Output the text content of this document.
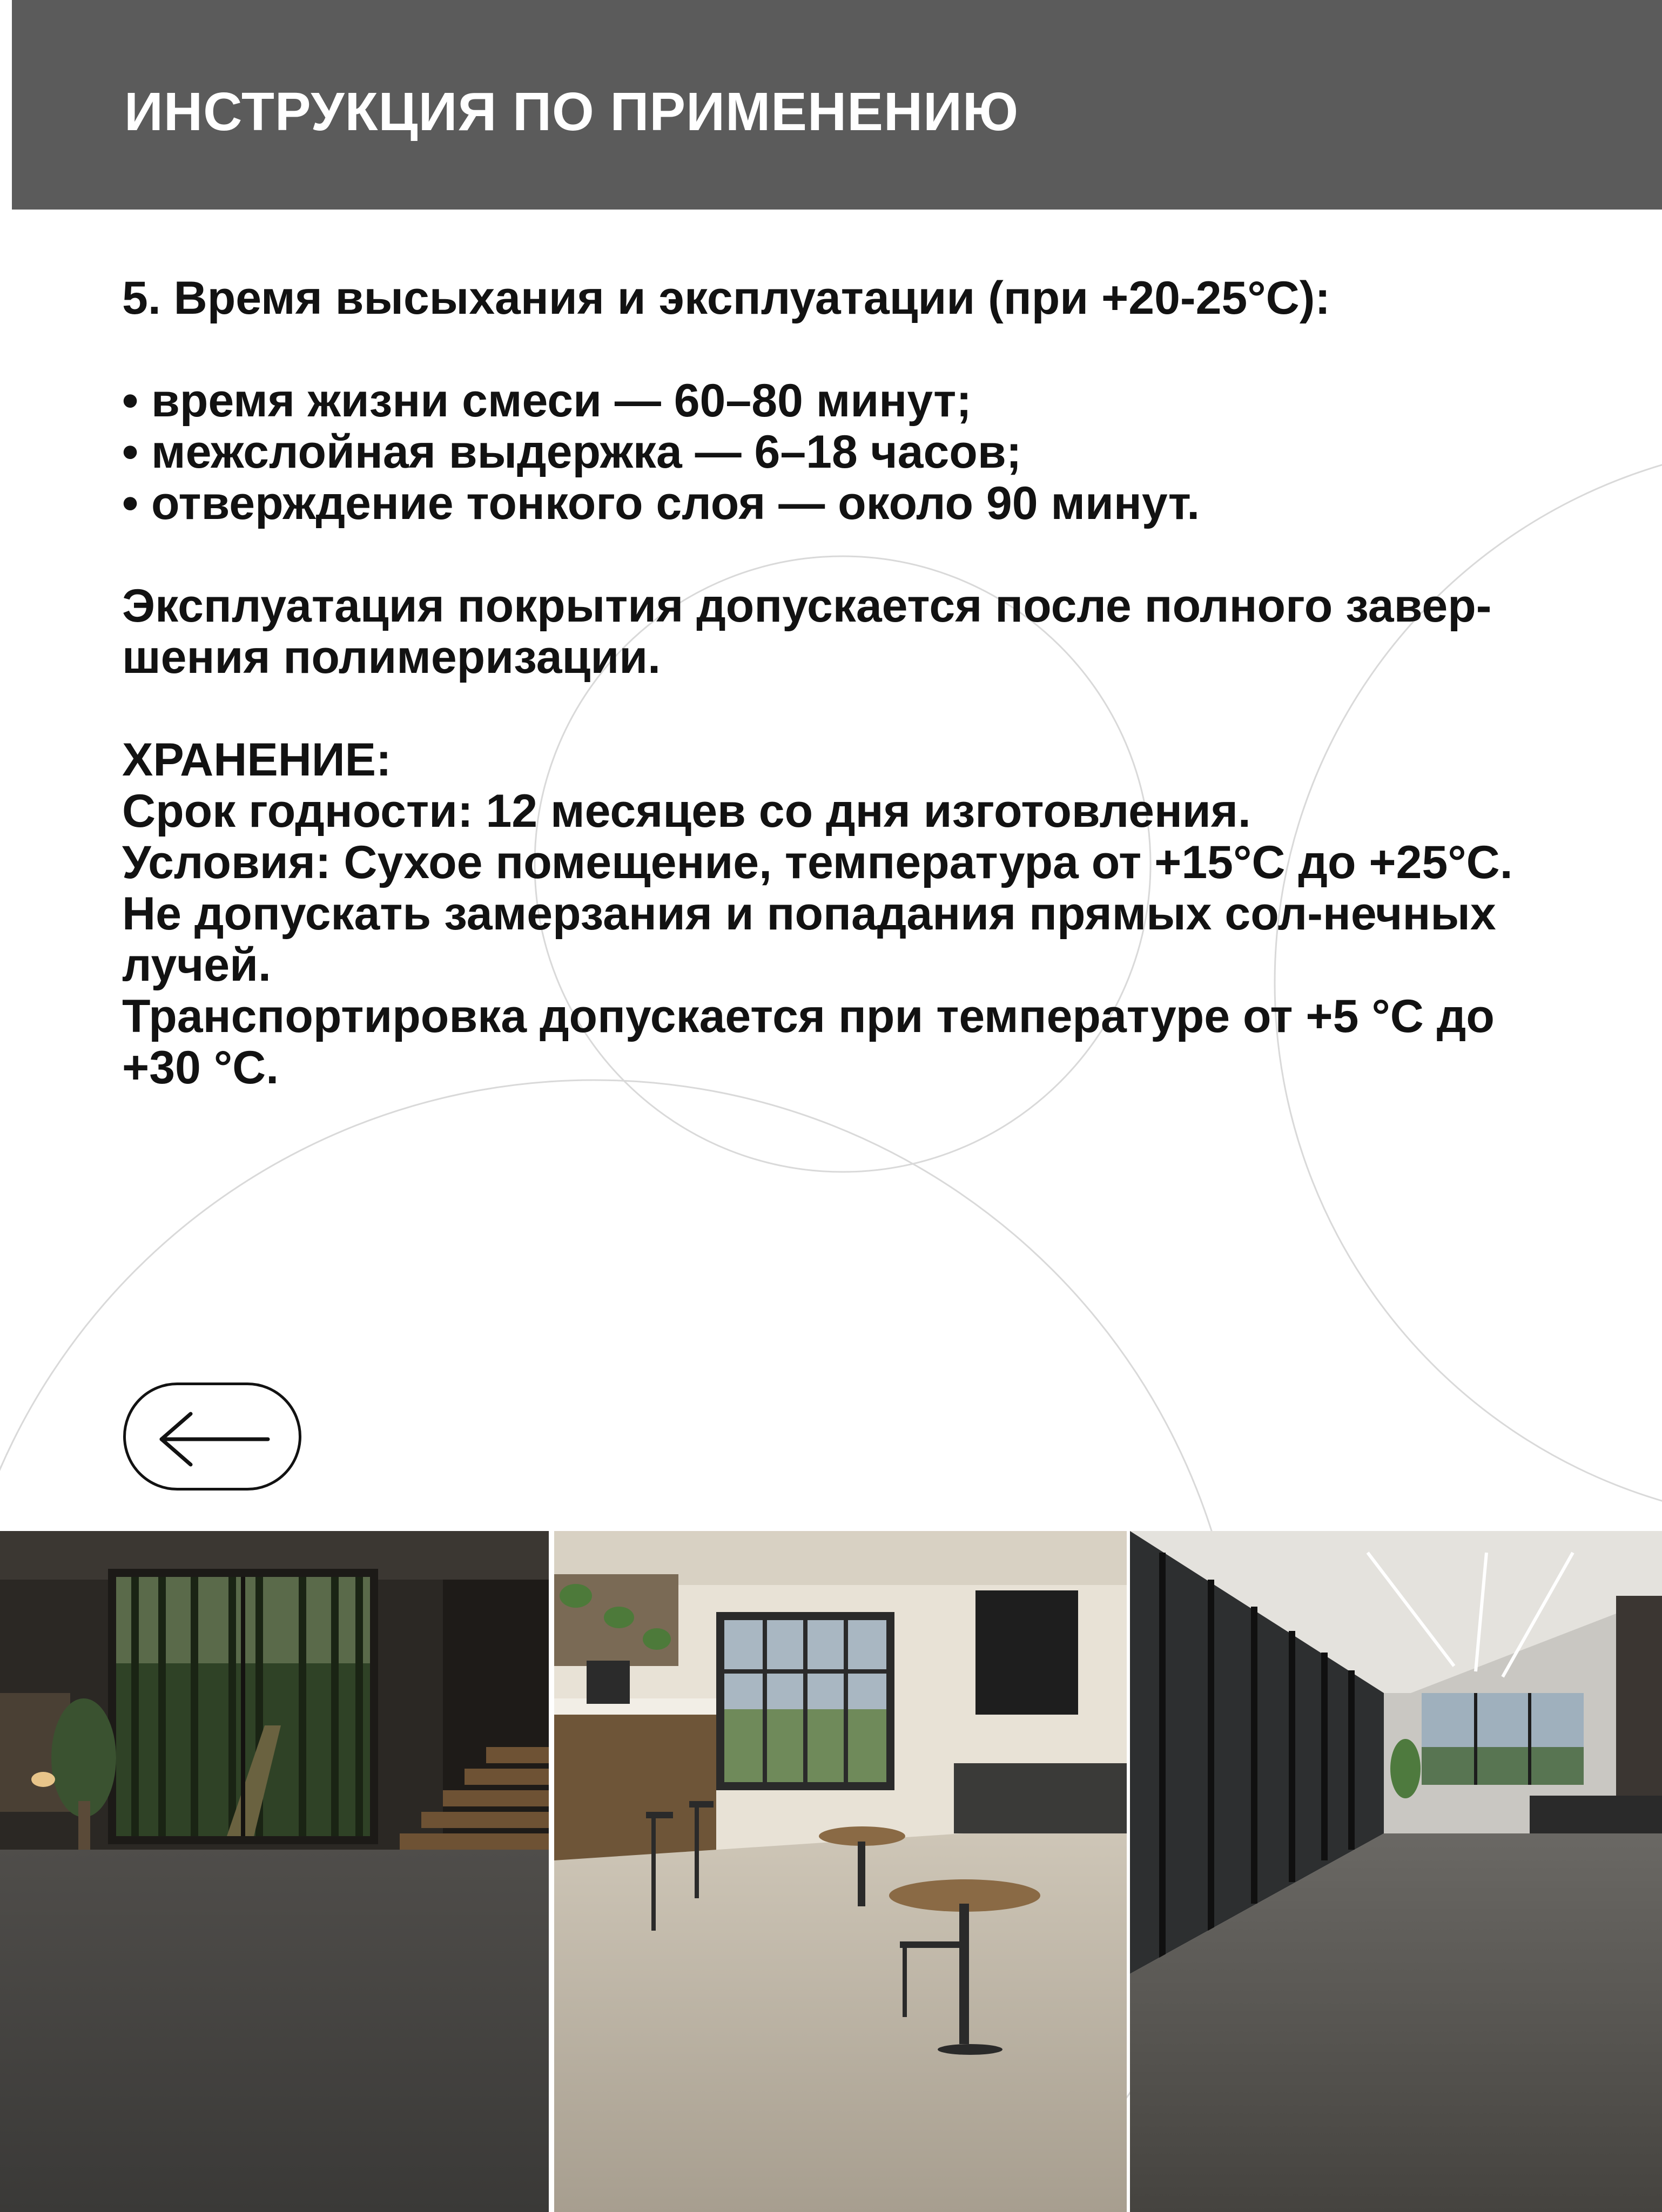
ИНСТРУКЦИЯ ПО ПРИМЕНЕНИЮ

5. Время высыхания и эксплуатации (при +20-25°С):

• время жизни смеси — 60–80 минут;
• межслойная выдержка — 6–18 часов;
• отверждение тонкого слоя — около 90 минут.

Эксплуатация покрытия допускается после полного завер-шения полимеризации.

ХРАНЕНИЕ:

Срок годности: 12 месяцев со дня изготовления.

Условия: Сухое помещение, температура от +15°С до +25°С. Не допускать замерзания и попадания прямых сол-нечных лучей.

Транспортировка допускается при температуре от +5 °С до +30 °С.
